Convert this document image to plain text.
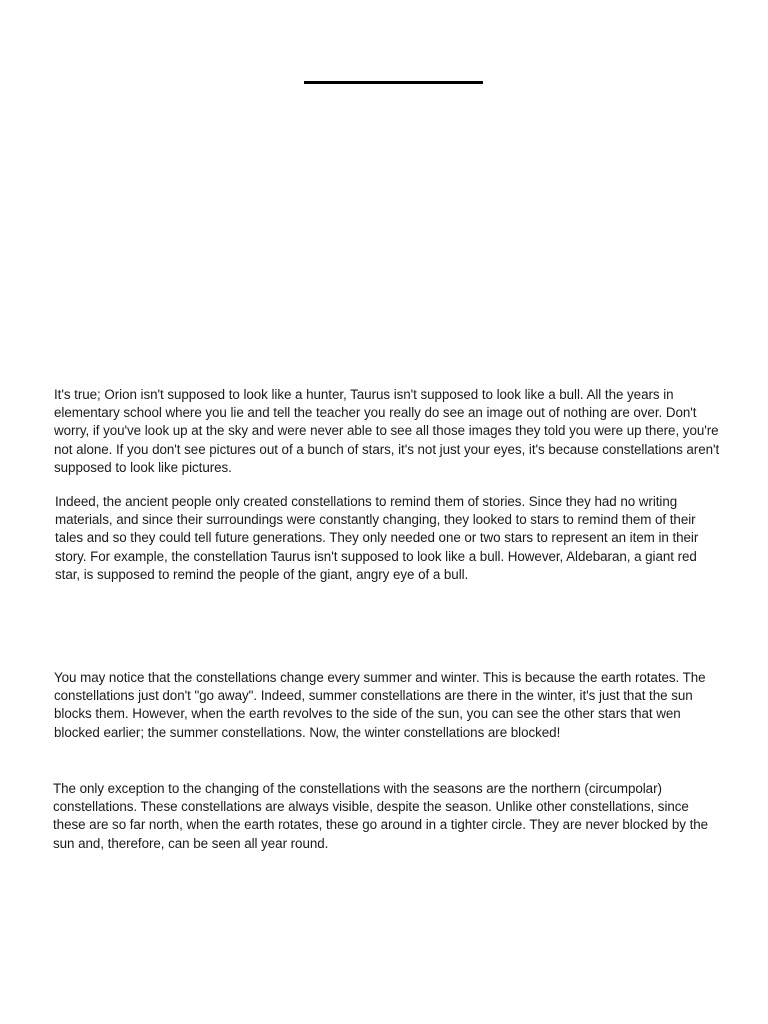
It's true; Orion isn't supposed to look like a hunter, Taurus isn't supposed to look like a bull. All the years in elementary school where you lie and tell the teacher you really do see an image out of nothing are over. Don't worry, if you've look up at the sky and were never able to see all those images they told you were up there, you're not alone. If you don't see pictures out of a bunch of stars, it's not just your eyes, it's because constellations aren't supposed to look like pictures.

Indeed, the ancient people only created constellations to remind them of stories. Since they had no writing materials, and since their surroundings were constantly changing, they looked to stars to remind them of their tales and so they could tell future generations. They only needed one or two stars to represent an item in their story. For example, the constellation Taurus isn't supposed to look like a bull. However, Aldebaran, a giant red star, is supposed to remind the people of the giant, angry eye of a bull.

You may notice that the constellations change every summer and winter. This is because the earth rotates. The constellations just don't "go away". Indeed, summer constellations are there in the winter, it's just that the sun blocks them. However, when the earth revolves to the side of the sun, you can see the other stars that wen blocked earlier; the summer constellations. Now, the winter constellations are blocked!

The only exception to the changing of the constellations with the seasons are the northern (circumpolar) constellations. These constellations are always visible, despite the season. Unlike other constellations, since these are so far north, when the earth rotates, these go around in a tighter circle. They are never blocked by the sun and, therefore, can be seen all year round.
